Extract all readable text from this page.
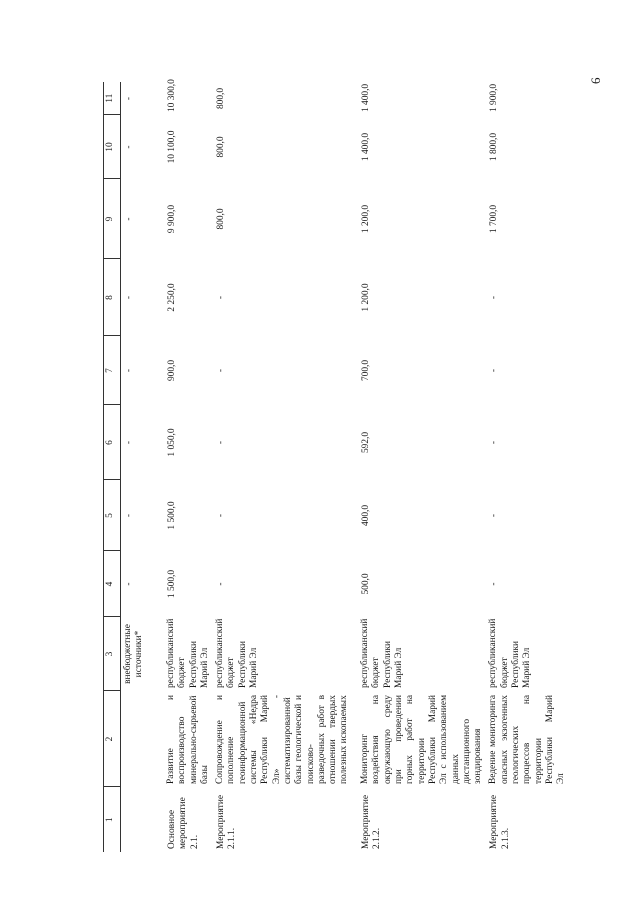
6
1	2	3	4	5	6	7	8	9	10	11
		внебюджетные источники*	-	-	-	-	-	-	-	-
Основное мероприятие 2.1.	Развитие и воспроизводство минерально-сырьевой базы	республиканский бюджет Республики Марий Эл	1 500,0	1 500,0	1 050,0	900,0	2 250,0	9 900,0	10 100,0	10 300,0
Мероприятие 2.1.1.	Сопровождение и пополнение геоинформационной системы «Недра Республики Марий Эл» - систематизированной базы геологической и поисково-разведочных работ в отношении твердых полезных ископаемых	республиканский бюджет Республики Марий Эл	-	-	-	-	-	800,0	800,0	800,0
Мероприятие 2.1.2.	Мониторинг воздействия на окружающую среду при проведении горных работ на территории Республики Марий Эл с использованием данных дистанционного зондирования	республиканский бюджет Республики Марий Эл	500,0	400,0	592,0	700,0	1 200,0	1 200,0	1 400,0	1 400,0
Мероприятие 2.1.3.	Ведение мониторинга опасных экзогенных геологических процессов на территории Республики Марий Эл	республиканский бюджет Республики Марий Эл	-	-	-	-	-	1 700,0	1 800,0	1 900,0
